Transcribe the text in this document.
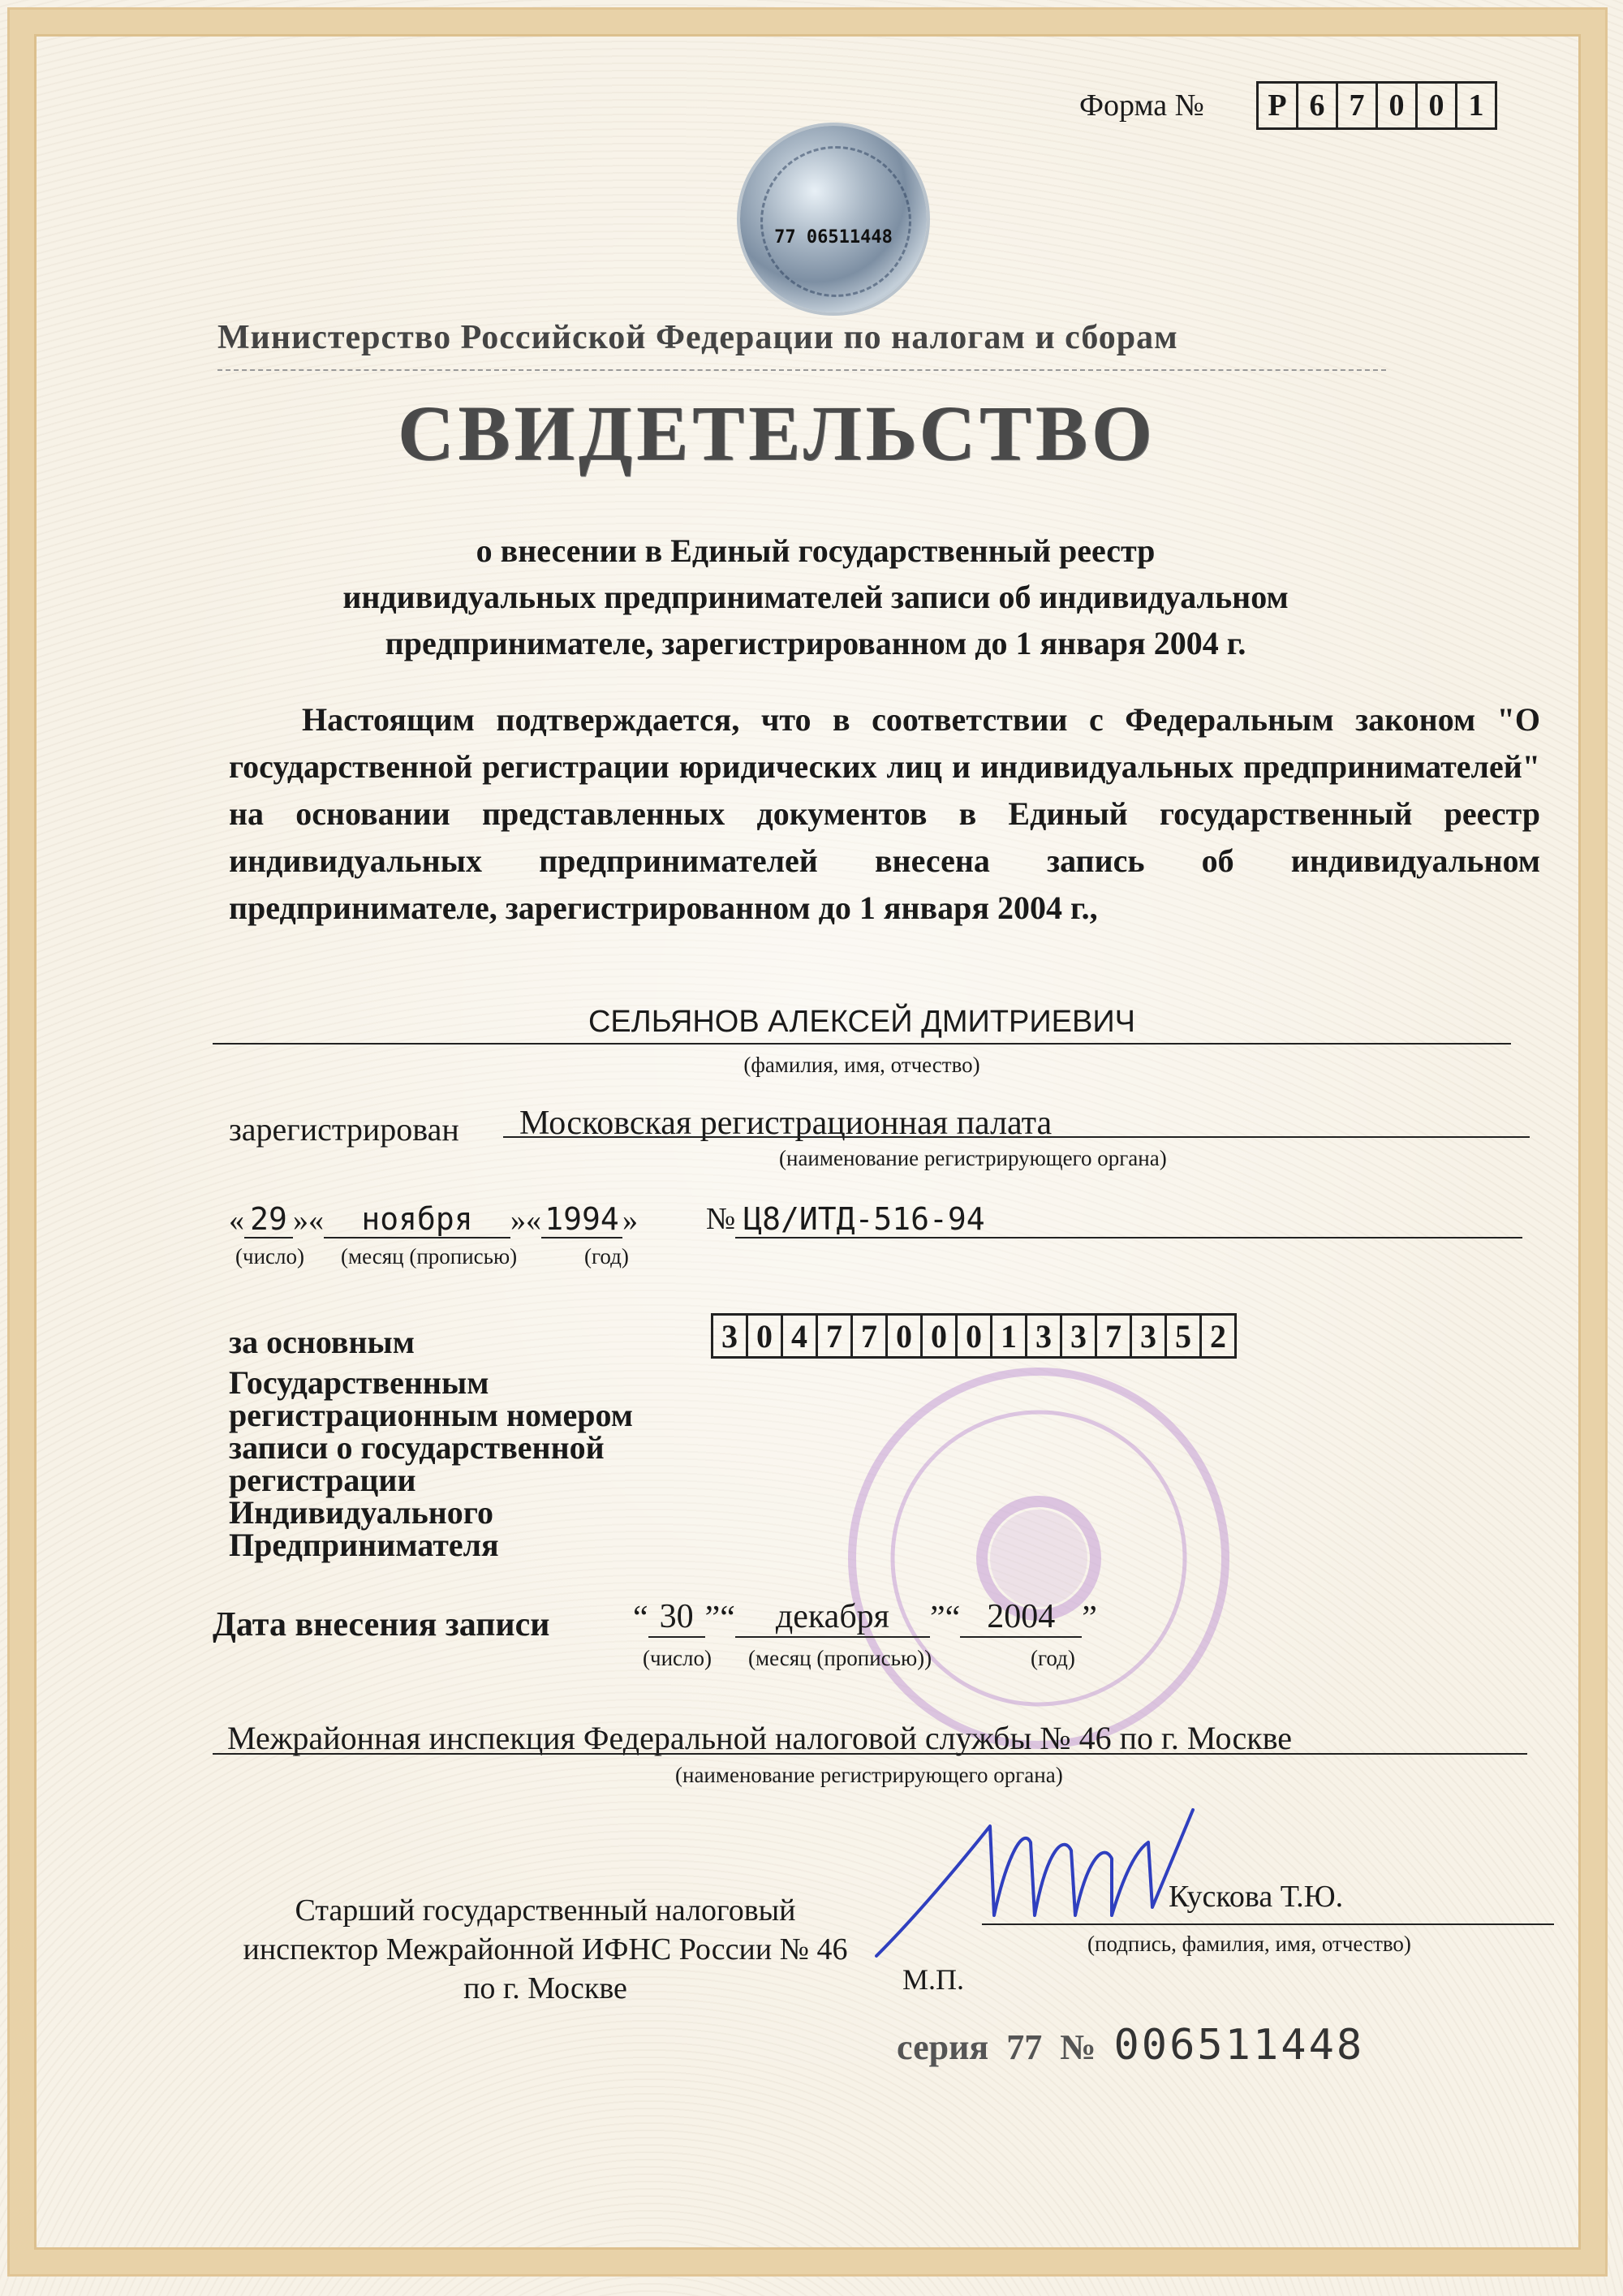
Форма № Р 6 7 0 0 1
77 06511448
Министерство Российской Федерации по налогам и сборам
СВИДЕТЕЛЬСТВО
о внесении в Единый государственный реестр
индивидуальных предпринимателей записи об индивидуальном
предпринимателе, зарегистрированном до 1 января 2004 г.

Настоящим подтверждается, что в соответствии с Федеральным законом "О государственной регистрации юридических лиц и индивидуальных предпринимателей" на основании представленных документов в Единый государственный реестр индивидуальных предпринимателей внесена запись об индивидуальном предпринимателе, зарегистрированном до 1 января 2004 г.,

СЕЛЬЯНОВ АЛЕКСЕЙ ДМИТРИЕВИЧ
(фамилия, имя, отчество)
зарегистрирован Московская регистрационная палата
(наименование регистрирующего органа)
« 29 »«	ноября	»« 1994 » № Ц8/ИТД-516-94
(число) (месяц (прописью)	(год)
за основным
Государственным
регистрационным номером
записи о государственной
регистрации
Индивидуального
Предпринимателя
3 0 4 7 7 0 0 0 1 3 3 7 3 5 2
Дата внесения записи “ 30 ”“	декабря	”“ 2004 ”
(число) (месяц (прописью))	(год)
Межрайонная инспекция Федеральной налоговой службы № 46 по г. Москве
(наименование регистрирующего органа)
Старший государственный налоговый
инспектор Межрайонной ИФНС России № 46
по г. Москве
Кускова Т.Ю.
(подпись, фамилия, имя, отчество)
М.П.
серия 77 № 006511448
